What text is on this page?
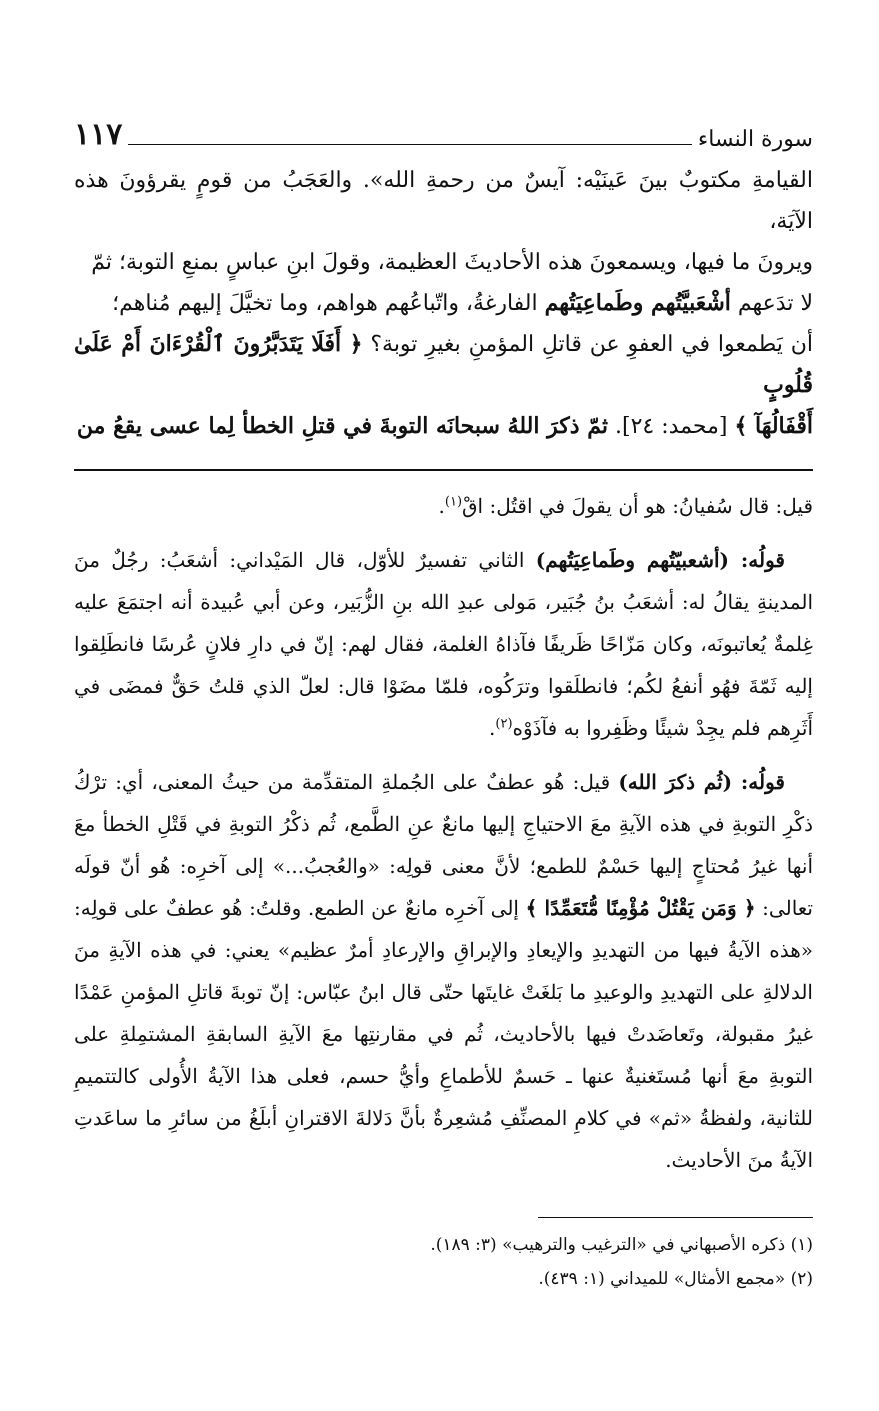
سورة النساء
١١٧

القيامةِ مكتوبٌ بينَ عَينَيْه: آيسٌ من رحمةِ الله». والعَجَبُ من قومٍ يقرؤونَ هذه الآيَة،

ويرونَ ما فيها، ويسمعونَ هذه الأحاديثَ العظيمة، وقولَ ابنِ عباسٍ بمنعِ التوبة؛ ثمّ

لا تدَعهم أشْعَبيَّتُهم وطَماعِيَتُهم الفارغةُ، واتّباعُهم هواهم، وما تخيَّلَ إليهم مُناهم؛

أن يَطمعوا في العفوِ عن قاتلِ المؤمنِ بغيرِ توبة؟ ﴿ أَفَلَا يَتَدَبَّرُونَ ٱلْقُرْءَانَ أَمْ عَلَىٰ قُلُوبٍ

أَقْفَالُهَآ ﴾ [محمد: ٢٤]. ثمّ ذكرَ اللهُ سبحانَه التوبةَ في قتلِ الخطأ لِما عسى يقعُ من

قيل: قال سُفيانُ: هو أن يقولَ في اقتُل: اقْ$^{(١)}$.

قولُه: (أشعبيّتُهم وطَماعِيَتُهم) الثاني تفسيرٌ للأوّل، قال المَيْداني: أشعَبُ: رجُلٌ منَ المدينةِ يقالُ له: أشعَبُ بنُ جُبَير، مَولى عبدِ الله بنِ الزُّبَير، وعن أبي عُبيدة أنه اجتمَعَ عليه غِلمةٌ يُعاتبونَه، وكان مَزّاحًا ظَريفًا فآذاهُ الغلمة، فقال لهم: إنّ في دارِ فلانٍ عُرسًا فانطَلِقوا إليه ثَمّةَ فهُو أنفعُ لكُم؛ فانطلَقوا وترَكُوه، فلمّا مضَوْا قال: لعلّ الذي قلتُ حَقٌّ فمضَى في أَثَرِهم فلم يجِدْ شيئًا وظَفِروا به فآذَوْه$^{(٢)}$.

قولُه: (ثُم ذكرَ الله) قيل: هُو عطفٌ على الجُملةِ المتقدِّمة من حيثُ المعنى، أي: ترْكُ ذكْرِ التوبةِ في هذه الآيةِ معَ الاحتياجِ إليها مانعٌ عنِ الطَّمع، ثُم ذكْرُ التوبةِ في قَتْلِ الخطأ معَ أنها غيرُ مُحتاجٍ إليها حَسْمٌ للطمع؛ لأنَّ معنى قولِه: «والعُجبُ...» إلى آخرِه: هُو أنّ قولَه تعالى: ﴿ وَمَن يَقْتُلْ مُؤْمِنًا مُّتَعَمِّدًا ﴾ إلى آخرِه مانعٌ عن الطمع. وقلتُ: هُو عطفٌ على قولِه: «هذه الآيةُ فيها من التهديدِ والإيعادِ والإبراقِ والإرعادِ أمرٌ عظيم» يعني: في هذه الآيةِ منَ الدلالةِ على التهديدِ والوعيدِ ما بَلغَتْ غايتَها حتّى قال ابنُ عبّاس: إنّ توبةَ قاتلِ المؤمنِ عَمْدًا غيرُ مقبولة، وتَعاضَدتْ فيها بالأحاديث، ثُم في مقارنتِها معَ الآيةِ السابقةِ المشتمِلةِ على التوبةِ معَ أنها مُستَغنيةٌ عنها ـ حَسمٌ للأطماعِ وأيُّ حسم، فعلى هذا الآيةُ الأُولى كالتتميمِ للثانية، ولفظةُ «ثم» في كلامِ المصنِّفِ مُشعِرةٌ بأنَّ دَلالةَ الاقترانِ أبلَغُ من سائرِ ما ساعَدتِ الآيةُ منَ الأحاديث.

(١) ذكره الأصبهاني في «الترغيب والترهيب» (٣: ١٨٩).

(٢) «مجمع الأمثال» للميداني (١: ٤٣٩).
